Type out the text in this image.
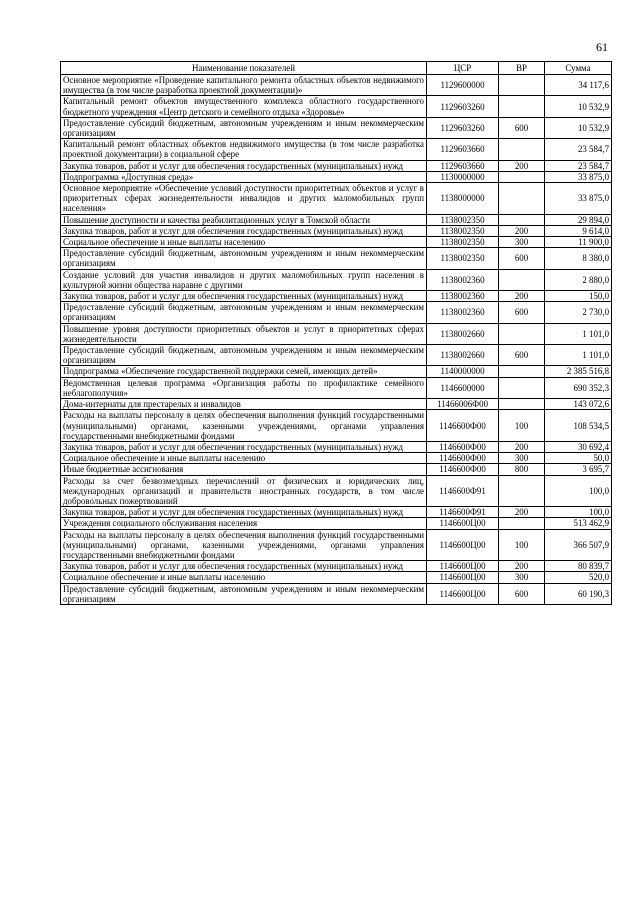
61
Наименование показателей	ЦСР	ВР	Сумма
Основное мероприятие «Проведение капитального ремонта областных объектов недвижимого имущества (в том числе разработка проектной документации)»	1129600000		34 117,6
Капитальный ремонт объектов имущественного комплекса областного государственного бюджетного учреждения «Центр детского и семейного отдыха «Здоровье»	1129603260		10 532,9
Предоставление субсидий бюджетным, автономным учреждениям и иным некоммерческим организациям	1129603260	600	10 532,9
Капитальный ремонт областных объектов недвижимого имущества (в том числе разработка проектной документации) в социальной сфере	1129603660		23 584,7
Закупка товаров, работ и услуг для обеспечения государственных (муниципальных) нужд	1129603660	200	23 584,7
Подпрограмма «Доступная среда»	1130000000		33 875,0
Основное мероприятие «Обеспечение условий доступности приоритетных объектов и услуг в приоритетных сферах жизнедеятельности инвалидов и других маломобильных групп населения»	1138000000		33 875,0
Повышение доступности и качества реабилитационных услуг в Томской области	1138002350		29 894,0
Закупка товаров, работ и услуг для обеспечения государственных (муниципальных) нужд	1138002350	200	9 614,0
Социальное обеспечение и иные выплаты населению	1138002350	300	11 900,0
Предоставление субсидий бюджетным, автономным учреждениям и иным некоммерческим организациям	1138002350	600	8 380,0
Создание условий для участия инвалидов и других маломобильных групп населения в культурной жизни общества наравне с другими	1138002360		2 880,0
Закупка товаров, работ и услуг для обеспечения государственных (муниципальных) нужд	1138002360	200	150,0
Предоставление субсидий бюджетным, автономным учреждениям и иным некоммерческим организациям	1138002360	600	2 730,0
Повышение уровня доступности приоритетных объектов и услуг в приоритетных сферах жизнедеятельности	1138002660		1 101,0
Предоставление субсидий бюджетным, автономным учреждениям и иным некоммерческим организациям	1138002660	600	1 101,0
Подпрограмма «Обеспечение государственной поддержки семей, имеющих детей»	1140000000		2 385 516,8
Ведомственная целевая программа «Организация работы по профилактике семейного неблагополучия»	1146600000		690 352,3
Дома-интернаты для престарелых и инвалидов	11466006Ф00		143 072,6
Расходы на выплаты персоналу в целях обеспечения выполнения функций государственными (муниципальными) органами, казенными учреждениями, органами управления государственными внебюджетными фондами	1146600Ф00	100	108 534,5
Закупка товаров, работ и услуг для обеспечения государственных (муниципальных) нужд	1146600Ф00	200	30 692,4
Социальное обеспечение и иные выплаты населению	1146600Ф00	300	50,0
Иные бюджетные ассигнования	1146600Ф00	800	3 695,7
Расходы за счет безвозмездных перечислений от физических и юридических лиц, международных организаций и правительств иностранных государств, в том числе добровольных пожертвований	1146600Ф91		100,0
Закупка товаров, работ и услуг для обеспечения государственных (муниципальных) нужд	1146600Ф91	200	100,0
Учреждения социального обслуживания населения	1146600Ц00		513 462,9
Расходы на выплаты персоналу в целях обеспечения выполнения функций государственными (муниципальными) органами, казенными учреждениями, органами управления государственными внебюджетными фондами	1146600Ц00	100	366 507,9
Закупка товаров, работ и услуг для обеспечения государственных (муниципальных) нужд	1146600Ц00	200	80 839,7
Социальное обеспечение и иные выплаты населению	1146600Ц00	300	520,0
Предоставление субсидий бюджетным, автономным учреждениям и иным некоммерческим организациям	1146600Ц00	600	60 190,3
